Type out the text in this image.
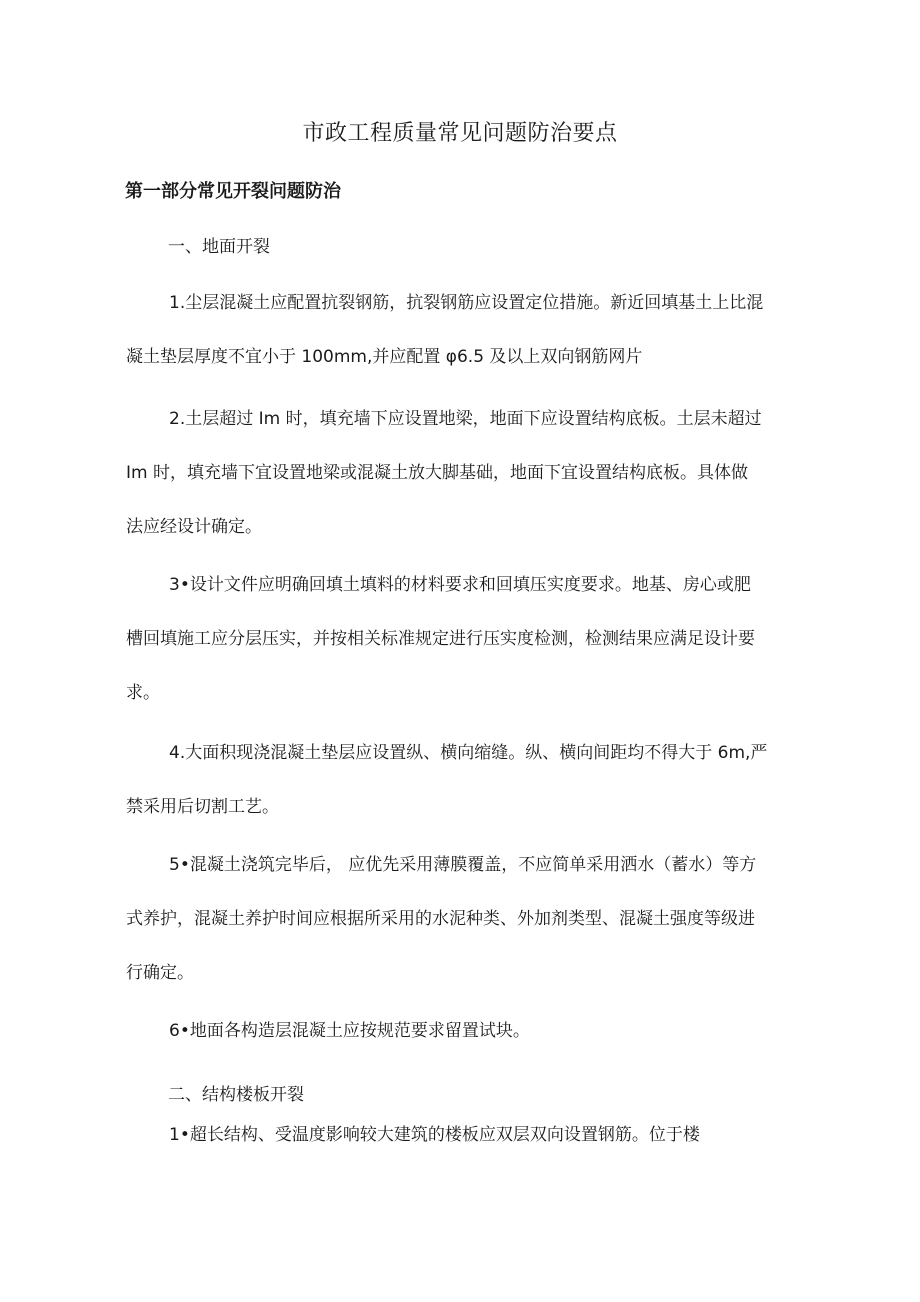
市政工程质量常见问题防治要点
第一部分常见开裂问题防治
一、地面开裂
1.尘层混凝土应配置抗裂钢筋，抗裂钢筋应设置定位措施。新近回填基土上比混
凝土垫层厚度不宜小于 100mm,并应配置 φ6.5 及以上双向钢筋网片
2.土层超过 Im 时，填充墙下应设置地梁，地面下应设置结构底板。土层未超过
Im 时，填充墙下宜设置地梁或混凝土放大脚基础，地面下宜设置结构底板。具体做
法应经设计确定。
3•设计文件应明确回填土填料的材料要求和回填压实度要求。地基、房心或肥
槽回填施工应分层压实，并按相关标准规定进行压实度检测，检测结果应满足设计要
求。
4.大面积现浇混凝土垫层应设置纵、横向缩缝。纵、横向间距均不得大于 6m,严
禁采用后切割工艺。
5•混凝土浇筑完毕后， 应优先采用薄膜覆盖，不应简单采用洒水（蓄水）等方
式养护，混凝土养护时间应根据所采用的水泥种类、外加剂类型、混凝土强度等级进
行确定。
6•地面各构造层混凝土应按规范要求留置试块。
二、结构楼板开裂
1•超长结构、受温度影响较大建筑的楼板应双层双向设置钢筋。位于楼
